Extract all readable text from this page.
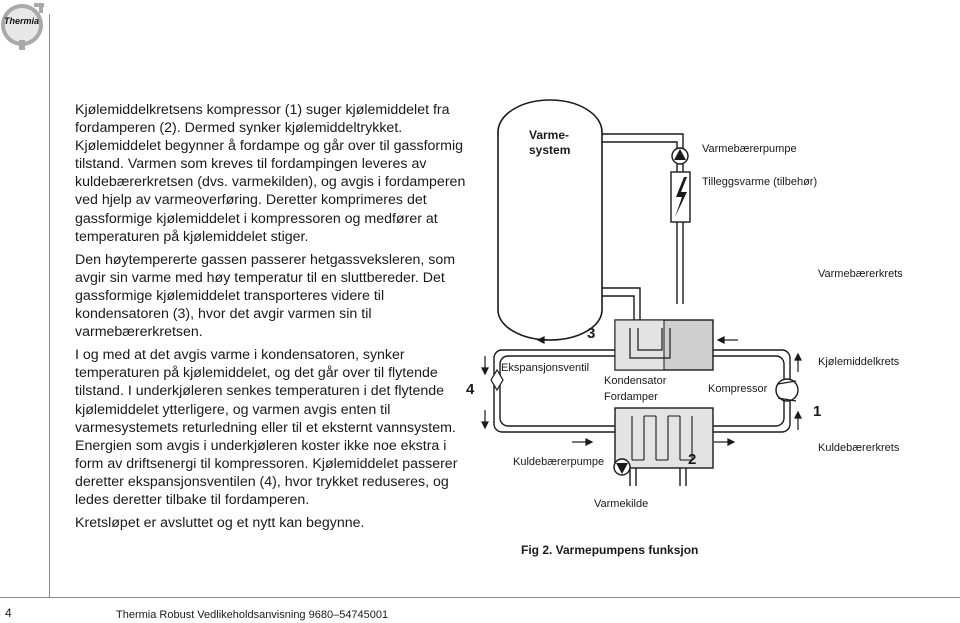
Thermia

Kjølemiddelkretsens kompressor (1) suger kjølemiddelet fra fordamperen (2). Dermed synker kjølemiddeltrykket. Kjølemiddelet begynner å fordampe og går over til gassformig tilstand. Varmen som kreves til fordampingen leveres av kuldebærerkretsen (dvs. varmekilden), og avgis i fordamperen ved hjelp av varmeoverføring. Deretter komprimeres det gassformige kjølemiddelet i kompressoren og medfører at temperaturen på kjølemiddelet stiger.

Den høytempererte gassen passerer hetgassveksleren, som avgir sin varme med høy temperatur til en sluttbereder. Det gassformige kjølemiddelet transporteres videre til kondensatoren (3), hvor det avgir varmen sin til varmebærerkretsen.

I og med at det avgis varme i kondensatoren, synker temperaturen på kjølemiddelet, og det går over til flytende tilstand. I underkjøleren senkes temperaturen i det flytende kjølemiddelet ytterligere, og varmen avgis enten til varmesystemets returledning eller til et eksternt vannsystem. Energien som avgis i underkjøleren koster ikke noe ekstra i form av driftsenergi til kompressoren. Kjølemiddelet passerer deretter ekspansjonsventilen (4), hvor trykket reduseres, og ledes deretter tilbake til fordamperen.

Kretsløpet er avsluttet og et nytt kan begynne.

Varme-
system	Varmebærerpumpe
Tilleggsvarme (tilbehør)
Kondensator
Fordamper
3
Ekspansjonsventil
4	Kompressor
1
Kuldebærerpumpe	2
Varmekilde
Varmebærerkrets
Kjølemiddelkrets
Kuldebærerkrets
Fig 2. Varmepumpens funksjon
4	Thermia Robust Vedlikeholdsanvisning 9680–54745001
